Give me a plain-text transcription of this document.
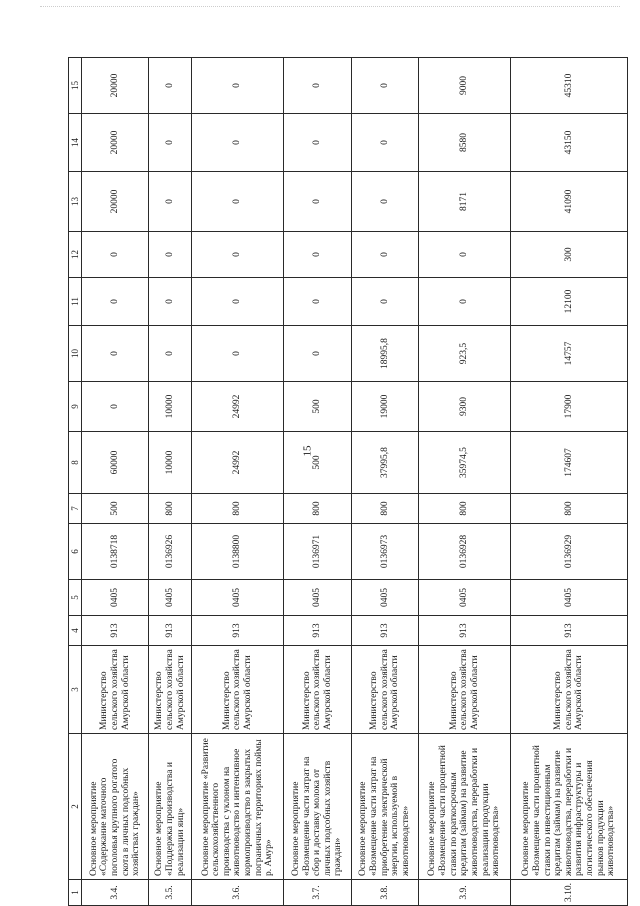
15
1	2	3	4	5	6	7	8	9	10	11	12	13	14	15
3.4.	Основное мероприятие «Содержание маточного поголовья крупного рогатого скота в личных подсобных хозяйствах граждан»	Министерство сельского хозяйства Амурской области	913	0405	0138718	500	60000	0	0	0	0	20000	20000	20000
3.5.	Основное мероприятие «Поддержка производства и реализации яиц»	Министерство сельского хозяйства Амурской области	913	0405	0136926	800	10000	10000	0	0	0	0	0	0
3.6.	Основное мероприятие «Развитие сельскохозяйственного производства с уклоном на животноводство и интенсивное кормопроизводство в закрытых пограничных территориях поймы р. Амур»	Министерство сельского хозяйства Амурской области	913	0405	0138800	800	24992	24992	0	0	0	0	0	0
3.7.	Основное мероприятие «Возмещение части затрат на сбор и доставку молока от личных подсобных хозяйств граждан»	Министерство сельского хозяйства Амурской области	913	0405	0136971	800	500	500	0	0	0	0	0	0
3.8.	Основное мероприятие «Возмещение части затрат на приобретение электрической энергии, используемой в животноводстве»	Министерство сельского хозяйства Амурской области	913	0405	0136973	800	37995,8	19000	18995,8	0	0	0	0	0
3.9.	Основное мероприятие «Возмещение части процентной ставки по краткосрочным кредитам (займам) на развитие животноводства, переработки и реализации продукции животноводства»	Министерство сельского хозяйства Амурской области	913	0405	0136928	800	35974,5	9300	923,5	0	0	8171	8580	9000
3.10.	Основное мероприятие «Возмещение части процентной ставки по инвестиционным кредитам (займам) на развитие животноводства, переработки и развития инфраструктуры и логистического обеспечения рынков продукции животноводства»	Министерство сельского хозяйства Амурской области	913	0405	0136929	800	174607	17900	14757	12100	300	41090	43150	45310
